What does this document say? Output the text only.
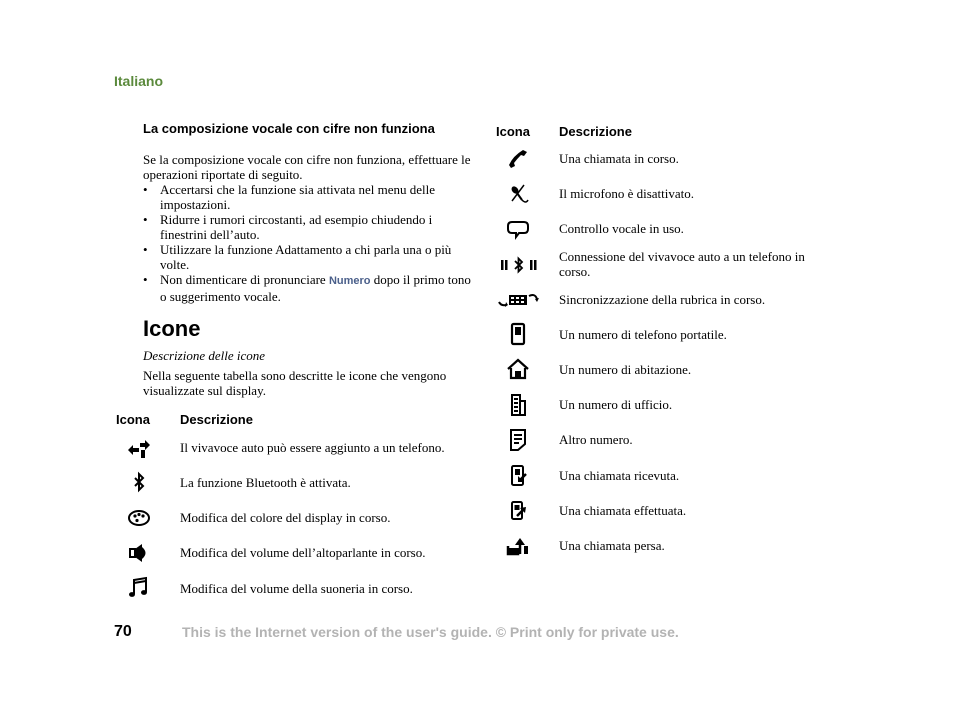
Italiano
La composizione vocale con cifre non funziona
Se la composizione vocale con cifre non funziona, effettuare le operazioni riportate di seguito.
• Accertarsi che la funzione sia attivata nel menu delle impostazioni.
• Ridurre i rumori circostanti, ad esempio chiudendo i finestrini dell’auto.
• Utilizzare la funzione Adattamento a chi parla una o più volte.
• Non dimenticare di pronunciare Numero dopo il primo tono o suggerimento vocale.
Icone
Descrizione delle icone
Nella seguente tabella sono descritte le icone che vengono visualizzate sul display.
Icona Descrizione
Il vivavoce auto può essere aggiunto a un telefono.
La funzione Bluetooth è attivata.
Modifica del colore del display in corso.
Modifica del volume dell’altoparlante in corso.
Modifica del volume della suoneria in corso.
Icona Descrizione
Una chiamata in corso.
Il microfono è disattivato.
Controllo vocale in uso.
Connessione del vivavoce auto a un telefono in corso.
Sincronizzazione della rubrica in corso.
Un numero di telefono portatile.
Un numero di abitazione.
Un numero di ufficio.
Altro numero.
Una chiamata ricevuta.
Una chiamata effettuata.
Una chiamata persa.
70	This is the Internet version of the user's guide. © Print only for private use.
